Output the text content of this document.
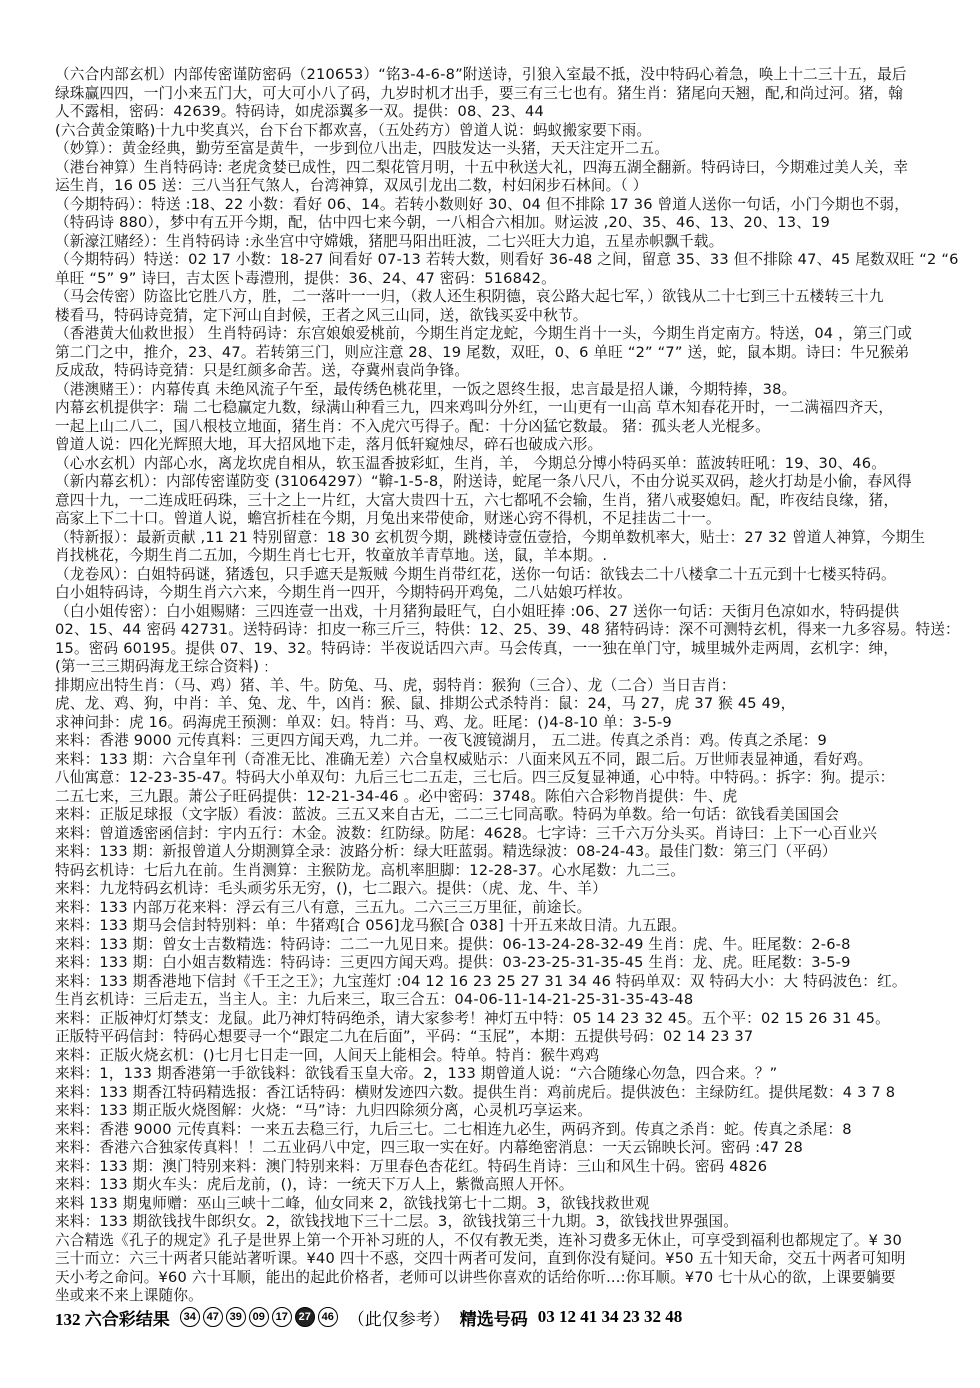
（六合内部玄机）内部传密谨防密码（210653）“铭3-4-6-8”附送诗，引狼入室最不抵，没中特码心着急，唤上十二三十五，最后
绿珠赢四四，一门小来五门大，可大可小八了码，九岁时机才出手，要三有三七也有。猪生肖：猪尾向天翘，配,和尚过河。猪，翰
人不露相，密码：42639。特码诗，如虎添翼多一双。提供：08、23、44
(六合黄金策略)十九中奖真兴，台下台下都欢喜，（五处药方）曾道人说：蚂蚁搬家要下雨。
（妙算）：黄金经典，勤劳至富是黄牛，一步到位八出走，四肢发达一头猪，天天注定开二五。
（港台神算）生肖特码诗: 老虎贪婪已成性，四二梨花管月明，十五中秋送大礼，四海五湖全翻新。特码诗曰，今期难过美人关，幸
运生肖，16 05 送：三八当狂气煞人，台湾神算，双凤引龙出二数，村妇闲步石林间。（ ）
（今期特码）：特送 :18、22 小数：看好 06、14。若转小数则好 30、04 但不排除 17 36 曾道人送你一句话，小门今期也不弱，
（特码诗 880），梦中有五开今期，配，估中四七来今朝，一八相合六相加。财运波 ,20、35、46、13、20、13、19
（新濠江赌经）：生肖特码诗 :永坐宫中守嫦娥，猪肥马阳出旺波，二七兴旺大力追，五星赤帜飘千载。
（今期特码）特送：02 17 小数：18-27 间看好 07-13 若转大数，则看好 36-48 之间，留意 35、33 但不排除 47、45 尾数双旺 “2 “6
单旺 “5” 9” 诗曰，吉太医卜毒澧刑，提供：36、24、47 密码：516842。
（马会传密）防盗比它胜八方，胜，二一落叶一一归，（救人还生积阴德，哀公路大起七军，）欲钱从二十七到三十五楼转三十九
楼看马，特码诗竞猜，定下河山自封候，王者之风三山同，送，欲钱买妥中秋节。
（香港黄大仙救世报） 生肖特码诗：东宫娘娘爱桃前，今期生肖定龙蛇，今期生肖十一头，今期生肖定南方。特送，04 ，第三门或
第二门之中，推介，23、47。若转第三门，则应注意 28、19 尾数，双旺，0、6 单旺 “2” “7” 送，蛇，鼠本期。诗曰：牛兄猴弟
反成敌，特码诗竞猜：只是红颜多命苦。送，夺冀州袁尚争锋。
（港澳赌王）：内幕传真 未绝风流子午至，最传绣色桃花里，一饭之恩终生报，忠言最是招人谦，今期特捧，38。
内幕玄机提供字：瑞 二七稳赢定九数，绿满山种看三九，四来鸡叫分外红，一山更有一山高 草木知春花开时，一二满福四齐天，
一起上山二八二，国八根枝立地面，猪生肖：不入虎穴丐得子。配：十分凶猛它数最。 猪：孤头老人光棍多。
曾道人说：四化光辉照大地，耳大招风地下走，落月低轩窥烛尽，碎石也破成六形。
（心水玄机）内部心水，离龙坎虎自相从，软玉温香披彩虹，生肖，羊， 今期总分博小特码买单：蓝波转旺吼：19、30、46。
（新内幕玄机）：内部传密谨防变 (31064297）“鞥-1-5-8，附送诗，蛇尾一条八尺八，不由分说买双码，趁火打劫是小偷，春风得
意四十九，一二连成旺码珠，三十之上一片红，大富大贵四十五，六七都吼不会输，生肖，猪八戒娶媳妇。配，昨夜结良缘，猪，
高家上下二十口。曾道人说，蟾宫折桂在今期，月兔出来带使命，财迷心窍不得机，不足挂齿二十一。
（特新报）：最新贡献 ,11 21 特别留意：18 30 玄机贺今期，跳楼诗壹伍壹拾，今期单数机率大，贴士：27 32 曾道人神算，今期生
肖找桃花，今期生肖二五加，今期生肖七七开，牧童放羊青草地。送，鼠，羊本期。.
（龙卷风）：白姐特码谜，猪透包，只手遮天是叛贼 今期生肖带红花，送你一句话：欲钱去二十八楼拿二十五元到十七楼买特码。
白小姐特码诗，今期生肖六六来，今期生肖一四开，今期特码开鸡兔，二八姑娘巧样妆。
（白小姐传密）：白小姐赐赌：三四连壹一出戏，十月猪狗最旺气，白小姐旺捧 :06、27 送你一句话：天街月色凉如水，特码提供
02、15、44 密码 42731。送特码诗：扣皮一称三斤三，特供：12、25、39、48 猪特码诗：深不可测特玄机，得来一九多容易。特送：
15。密码 60195。提供 07、19、32。特码诗：半夜说话四六声。马会传真，一一独在单门守，城里城外走两周，玄机字：绅，
(第一三三期码海龙王综合资料)﹕
排期应出特生肖：（马、鸡）猪、羊、牛。防兔、马、虎，弱特肖：猴狗（三合）、龙（二合）当日吉肖：
虎、龙、鸡、狗，中肖：羊、兔、龙、牛，凶肖：猴、鼠、排期公式杀特肖：鼠：24，马 27，虎 37 猴 45 49，
求神问卦：虎 16。码海虎王预测：单双：妇。特肖：马、鸡、龙。旺尾：()4-8-10 单：3-5-9
来料：香港 9000 元传真料：三更四方闻天鸡，九二并。一夜飞渡镜湖月， 五二进。传真之杀肖：鸡。传真之杀尾：9
来料：133 期：六合皇年刊（奇准无比、准确无差）六合皇权威贴示：八面来风五不同，跟二后。万世师表显神通，看好鸡。
八仙寓意：12-23-35-47。特码大小单双句：九后三七二五走，三七后。四三反复显神通，心中特。中特码。：拆字：狗。提示：
二五七来，三九跟。萧公子旺码提供：12-21-34-46 。必中密码：3748。陈伯六合彩物肖提供：牛、虎
来料：正版足球报（文字版）看波：蓝波。三五又来自古无，二二三七同高歌。特码为单数。给一句话：欲钱看美国国会
来料：曾道透密函信封：宇内五行：木金。波数：红防绿。防尾：4628。七字诗：三千六万分头买。肖诗曰：上下一心百业兴
来料：133 期：新报曾道人分期测算全录：波路分析：绿大旺蓝弱。精选绿波：08-24-43。最佳门数：第三门（平码）
特码玄机诗：七后九在前。生肖测算：主猴防龙。高机率胆脚：12-28-37。心水尾数：九二三。
来料：九龙特码玄机诗：毛头顽劣乐无穷，()，七二跟六。提供：（虎、龙、牛、羊）
来料：133 内部万花来料：浮云有三八有意，三五九。二六三三万里征，前途长。
来料：133 期马会信封特别料：单：牛猪鸡[合 056]龙马猴[合 038] 十开五来故日清。九五跟。
来料：133 期：曾女士吉数精选：特码诗：二二一九见日来。提供：06-13-24-28-32-49 生肖：虎、牛。旺尾数：2-6-8
来料：133 期：白小姐吉数精选：特码诗：三更四方闻天鸡。提供：03-23-25-31-35-45 生肖：龙、虎。旺尾数：3-5-9
来料：133 期香港地下信封《千王之王》；九宝莲灯 :04 12 16 23 25 27 31 34 46 特码单双：双 特码大小：大 特码波色：红。
生肖玄机诗：三后走五，当主人。主：九后来三，取三合五：04-06-11-14-21-25-31-35-43-48
来料：正版神灯灯禁支：龙鼠。此乃神灯特码绝杀，请大家参考！神灯五中特：05 14 23 32 45。五个平：02 15 26 31 45。
正版特平码信封：特码心想要寻一个“跟定二九在后面”，平码：“玉屁”，本期：五提供号码：02 14 23 37
来料：正版火烧玄机：()七月七日走一回，人间天上能相会。特单。特肖：猴牛鸡鸡
来料：1，133 期香港第一手欲钱料：欲钱看玉皇大帝。2，133 期曾道人说：“六合随缘心勿急，四合来。？”
来料：133 期香江特码精选报：香江话特码：横财发迹四六数。提供生肖：鸡前虎后。提供波色：主绿防红。提供尾数：4 3 7 8
来料：133 期正版火烧图解：火烧：“马”诗：九归四除须分离，心灵机巧享运来。
来料：香港 9000 元传真料：一来五去稳三行，九后三七。二七相连九必生，两码齐到。传真之杀肖：蛇。传真之杀尾：8
来料：香港六合独家传真料！！二五业码八中定，四三取一实在好。内幕绝密消息：一天云锦映长河。密码 :47 28
来料：133 期：澳门特别来料：澳门特别来料：万里春色杏花红。特码生肖诗：三山和风生十码。密码 4826
来料：133 期火车头：虎后龙前，()，诗：一统天下万人上，紫微高照人开怀。
来料 133 期鬼师赠：巫山三峡十二峰，仙女同来 2，欲钱找第七十二期。3，欲钱找救世观
来料：133 期欲钱找牛郎织女。2，欲钱找地下三十二层。3，欲钱找第三十九期。3，欲钱找世界强国。
六合精选《孔子的规定》孔子是世界上第一个开补习班的人，不仅有教无类，连补习费多无休止，可享受到福利也都规定了。¥ 30
三十而立：六三十两者只能站著听课。¥40 四十不惑，交四十两者可发问，直到你没有疑问。¥50 五十知天命，交五十两者可知明
天小考之命问。¥60 六十耳顺，能出的起此价格者，老师可以讲些你喜欢的话给你听...:你耳顺。¥70 七十从心的欲，上课要躺要
坐或来不来上课随你。
132 六合彩结果	34 47 39 09 17 27 46 （此仅参考） 精选号码 03 12 41 34 23 32 48
